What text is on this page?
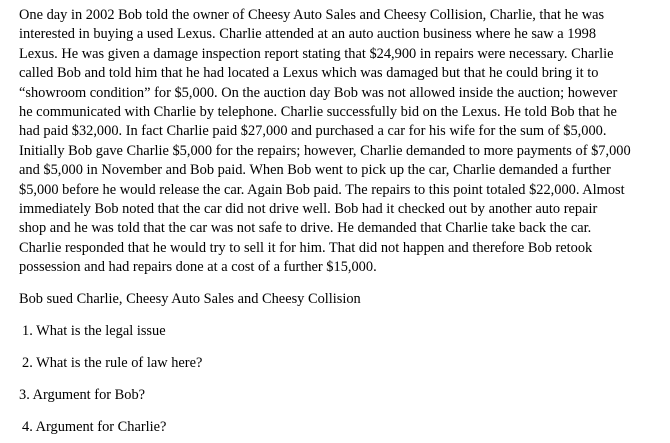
One day in 2002 Bob told the owner of Cheesy Auto Sales and Cheesy Collision, Charlie, that he was
interested in buying a used Lexus. Charlie attended at an auto auction business where he saw a 1998
Lexus. He was given a damage inspection report stating that $24,900 in repairs were necessary. Charlie
called Bob and told him that he had located a Lexus which was damaged but that he could bring it to
“showroom condition” for $5,000. On the auction day Bob was not allowed inside the auction; however
he communicated with Charlie by telephone. Charlie successfully bid on the Lexus. He told Bob that he
had paid $32,000. In fact Charlie paid $27,000 and purchased a car for his wife for the sum of $5,000.
Initially Bob gave Charlie $5,000 for the repairs; however, Charlie demanded to more payments of $7,000
and $5,000 in November and Bob paid. When Bob went to pick up the car, Charlie demanded a further
$5,000 before he would release the car. Again Bob paid. The repairs to this point totaled $22,000. Almost
immediately Bob noted that the car did not drive well. Bob had it checked out by another auto repair
shop and he was told that the car was not safe to drive. He demanded that Charlie take back the car.
Charlie responded that he would try to sell it for him. That did not happen and therefore Bob retook
possession and had repairs done at a cost of a further $15,000.

Bob sued Charlie, Cheesy Auto Sales and Cheesy Collision

1. What is the legal issue
2. What is the rule of law here?
3. Argument for Bob?
4. Argument for Charlie?
